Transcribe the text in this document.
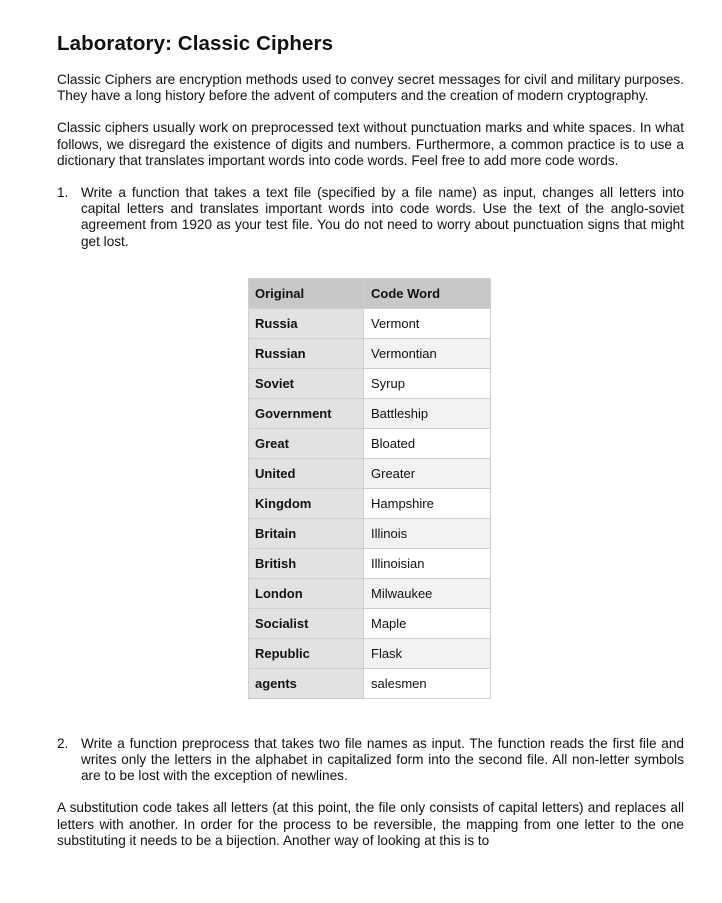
Laboratory: Classic Ciphers

Classic Ciphers are encryption methods used to convey secret messages for civil and military purposes. They have a long history before the advent of computers and the creation of modern cryptography.

Classic ciphers usually work on preprocessed text without punctuation marks and white spaces. In what follows, we disregard the existence of digits and numbers. Furthermore, a common practice is to use a dictionary that translates important words into code words. Feel free to add more code words.

1. Write a function that takes a text file (specified by a file name) as input, changes all letters into capital letters and translates important words into code words. Use the text of the anglo-soviet agreement from 1920 as your test file. You do not need to worry about punctuation signs that might get lost.
Original	Code Word
Russia	Vermont
Russian	Vermontian
Soviet	Syrup
Government	Battleship
Great	Bloated
United	Greater
Kingdom	Hampshire
Britain	Illinois
British	Illinoisian
London	Milwaukee
Socialist	Maple
Republic	Flask
agents	salesmen
2. Write a function preprocess that takes two file names as input. The function reads the first file and writes only the letters in the alphabet in capitalized form into the second file. All non-letter symbols are to be lost with the exception of newlines.

A substitution code takes all letters (at this point, the file only consists of capital letters) and replaces all letters with another. In order for the process to be reversible, the mapping from one letter to the one substituting it needs to be a bijection. Another way of looking at this is to
